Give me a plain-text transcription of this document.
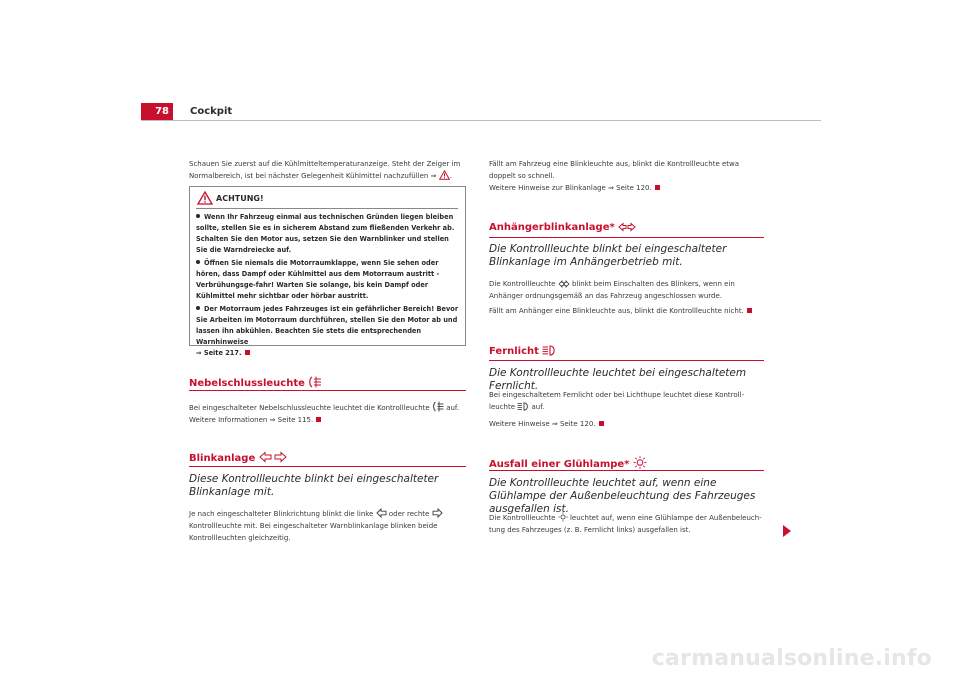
78	Cockpit
Schauen Sie zuerst auf die Kühlmitteltemperaturanzeige. Steht der Zeiger im Normalbereich, ist bei nächster Gelegenheit Kühlmittel nachzufüllen ⇒ .
ACHTUNG!
Wenn Ihr Fahrzeug einmal aus technischen Gründen liegen bleiben sollte, stellen Sie es in sicherem Abstand zum fließenden Verkehr ab. Schalten Sie den Motor aus, setzen Sie den Warnblinker und stellen Sie die Warndreiecke auf.
Öffnen Sie niemals die Motorraumklappe, wenn Sie sehen oder hören, dass Dampf oder Kühlmittel aus dem Motorraum austritt - Verbrühungsge-fahr! Warten Sie solange, bis kein Dampf oder Kühlmittel mehr sichtbar oder hörbar austritt.
Der Motorraum jedes Fahrzeuges ist ein gefährlicher Bereich! Bevor Sie Arbeiten im Motorraum durchführen, stellen Sie den Motor ab und lassen ihn abkühlen. Beachten Sie stets die entsprechenden Warnhinweise
⇒ Seite 217.
Nebelschlussleuchte
Bei eingeschalteter Nebelschlussleuchte leuchtet die Kontrollleuchte auf. Weitere Informationen ⇒ Seite 115.
Blinkanlage
Diese Kontrollleuchte blinkt bei eingeschalteter Blinkanlage mit.
Je nach eingeschalteter Blinkrichtung blinkt die linke oder rechte  Kontrollleuchte mit. Bei eingeschalteter Warnblinkanlage blinken beide Kontrollleuchten gleichzeitig.
Fällt am Fahrzeug eine Blinkleuchte aus, blinkt die Kontrollleuchte etwa doppelt so schnell.
Weitere Hinweise zur Blinkanlage ⇒ Seite 120.
Anhängerblinkanlage*
Die Kontrollleuchte blinkt bei eingeschalteter Blinkanlage im Anhängerbetrieb mit.
Die Kontrollleuchte blinkt beim Einschalten des Blinkers, wenn ein Anhänger ordnungsgemäß an das Fahrzeug angeschlossen wurde.
Fällt am Anhänger eine Blinkleuchte aus, blinkt die Kontrollleuchte nicht.
Fernlicht
Die Kontrollleuchte leuchtet bei eingeschaltetem Fernlicht.
Bei eingeschaltetem Fernlicht oder bei Lichthupe leuchtet diese Kontroll-leuchte auf.
Weitere Hinweise ⇒ Seite 120.
Ausfall einer Glühlampe*
Die Kontrollleuchte leuchtet auf, wenn eine Glühlampe der Außenbeleuchtung des Fahrzeuges ausgefallen ist.
Die Kontrollleuchte leuchtet auf, wenn eine Glühlampe der Außenbeleuch-tung des Fahrzeuges (z. B. Fernlicht links) ausgefallen ist.
carmanualsonline.info
